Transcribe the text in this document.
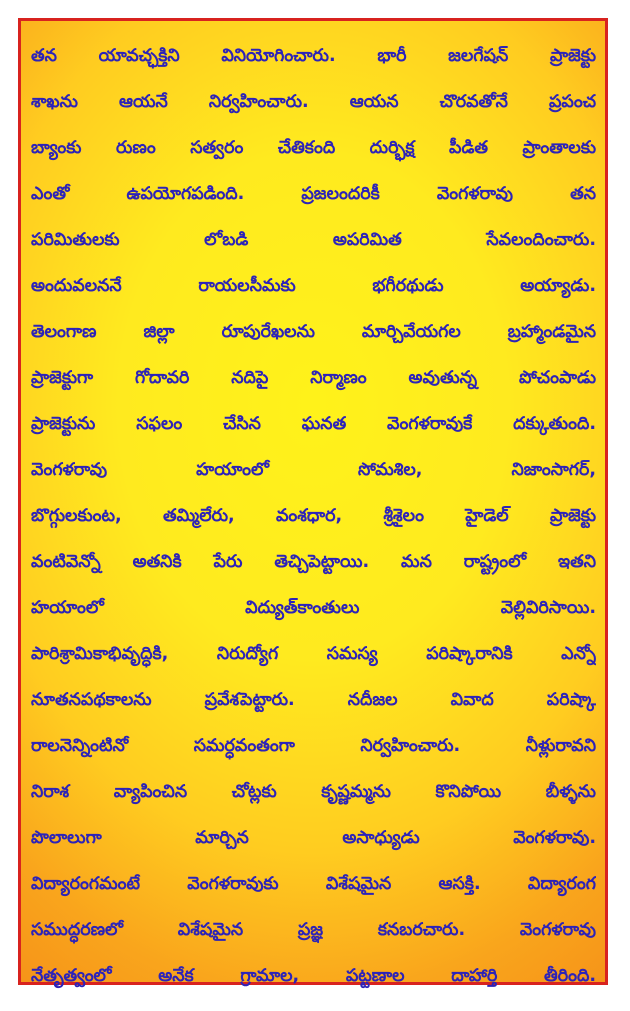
తన యావచ్ఛక్తిని వినియోగించారు. భారీ జలగేషన్ ప్రాజెక్టు
శాఖను ఆయనే నిర్వహించారు. ఆయన చొరవతోనే ప్రపంచ
బ్యాంకు రుణం సత్వరం చేతికంది దుర్భిక్ష పీడిత ప్రాంతాలకు
ఎంతో ఉపయోగపడింది. ప్రజలందరికీ వెంగళరావు తన
పరిమితులకు లోబడి అపరిమిత సేవలందించారు.
అందువలననే రాయలసీమకు భగీరథుడు అయ్యాడు.
తెలంగాణ జిల్లా రూపురేఖలను మార్చివేయగల బ్రహ్మాండమైన
ప్రాజెక్టుగా గోదావరి నదిపై నిర్మాణం అవుతున్న పోచంపాడు
ప్రాజెక్టును సఫలం చేసిన ఘనత వెంగళరావుకే దక్కుతుంది.
వెంగళరావు హయాంలో సోమశిల, నిజాంసాగర్,
బొగ్గులకుంట, తమ్మిలేరు, వంశధార, శ్రీశైలం హైడెల్ ప్రాజెక్టు
వంటివెన్నో అతనికి పేరు తెచ్చిపెట్టాయి. మన రాష్ట్రంలో ఇతని
హయాంలో విద్యుత్‌కాంతులు వెల్లివిరిసాయి.
పారిశ్రామికాభివృద్ధికి, నిరుద్యోగ సమస్య పరిష్కారానికి ఎన్నో
నూతనపథకాలను ప్రవేశపెట్టారు. నదీజల వివాద పరిష్కా
రాలనెన్నింటినో సమర్ధవంతంగా నిర్వహించారు. నీళ్లురావని
నిరాశ వ్యాపించిన చోట్లకు కృష్ణమ్మను కొనిపోయి బీళ్ళను
పొలాలుగా మార్చిన అసాధ్యుడు వెంగళరావు.
విద్యారంగమంటే వెంగళరావుకు విశేషమైన ఆసక్తి. విద్యారంగ
సముద్ధరణలో విశేషమైన ప్రజ్ఞ కనబరచారు. వెంగళరావు
నేతృత్వంలో అనేక గ్రామాల, పట్టణాల దాహార్తి తీరింది.
